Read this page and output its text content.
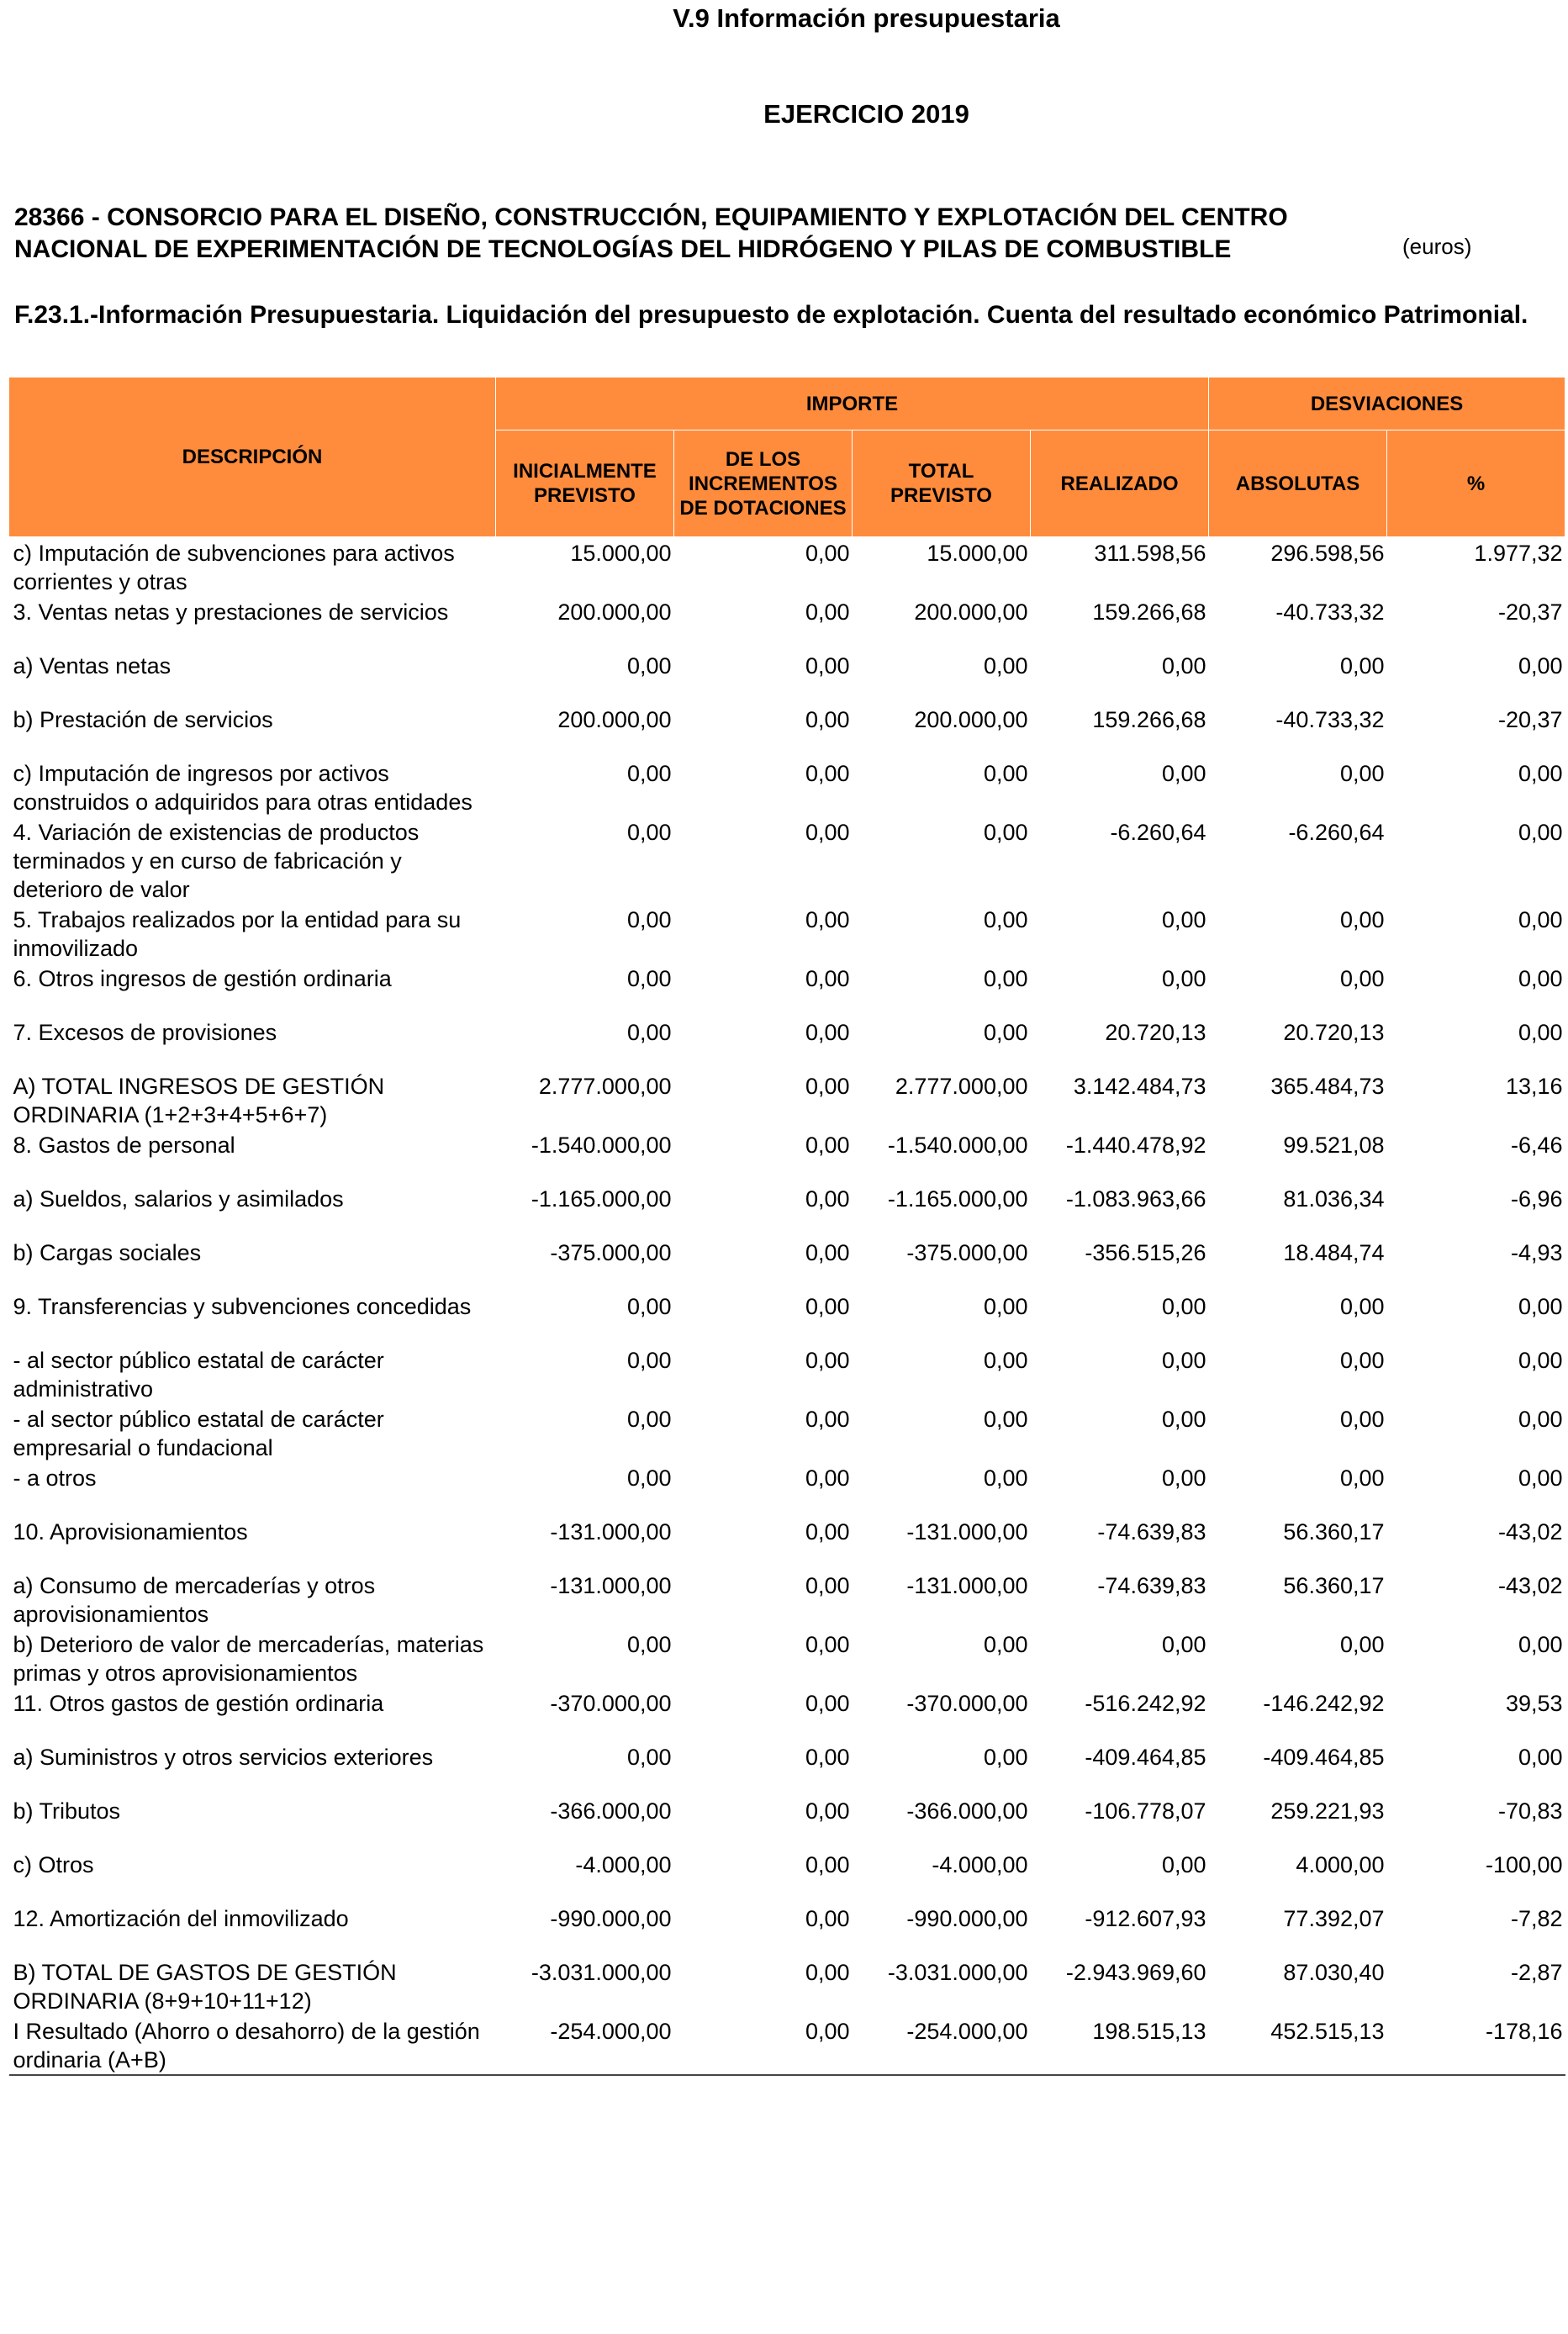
V.9 Información presupuestaria
EJERCICIO 2019
28366 - CONSORCIO PARA EL DISEÑO, CONSTRUCCIÓN, EQUIPAMIENTO Y EXPLOTACIÓN DEL CENTRO NACIONAL DE EXPERIMENTACIÓN DE TECNOLOGÍAS DEL HIDRÓGENO Y PILAS DE COMBUSTIBLE	(euros)
F.23.1.-Información Presupuestaria. Liquidación del presupuesto de explotación. Cuenta del resultado económico Patrimonial.
DESCRIPCIÓN	IMPORTE				DESVIACIONES	
	INICIALMENTE PREVISTO	DE LOS INCREMENTOS DE DOTACIONES	TOTAL PREVISTO	REALIZADO	ABSOLUTAS	%
c) Imputación de subvenciones para activos corrientes y otras	15.000,00	0,00	15.000,00	311.598,56	296.598,56	1.977,32
3. Ventas netas y prestaciones de servicios	200.000,00	0,00	200.000,00	159.266,68	-40.733,32	-20,37
a) Ventas netas	0,00	0,00	0,00	0,00	0,00	0,00
b) Prestación de servicios	200.000,00	0,00	200.000,00	159.266,68	-40.733,32	-20,37
c) Imputación de ingresos por activos construidos o adquiridos para otras entidades	0,00	0,00	0,00	0,00	0,00	0,00
4. Variación de existencias de productos terminados y en curso de fabricación y deterioro de valor	0,00	0,00	0,00	-6.260,64	-6.260,64	0,00
5. Trabajos realizados por la entidad para su inmovilizado	0,00	0,00	0,00	0,00	0,00	0,00
6. Otros ingresos de gestión ordinaria	0,00	0,00	0,00	0,00	0,00	0,00
7. Excesos de provisiones	0,00	0,00	0,00	20.720,13	20.720,13	0,00
A) TOTAL INGRESOS DE GESTIÓN ORDINARIA (1+2+3+4+5+6+7)	2.777.000,00	0,00	2.777.000,00	3.142.484,73	365.484,73	13,16
8. Gastos de personal	-1.540.000,00	0,00	-1.540.000,00	-1.440.478,92	99.521,08	-6,46
a) Sueldos, salarios y asimilados	-1.165.000,00	0,00	-1.165.000,00	-1.083.963,66	81.036,34	-6,96
b) Cargas sociales	-375.000,00	0,00	-375.000,00	-356.515,26	18.484,74	-4,93
9. Transferencias y subvenciones concedidas	0,00	0,00	0,00	0,00	0,00	0,00
- al sector público estatal de carácter administrativo	0,00	0,00	0,00	0,00	0,00	0,00
- al sector público estatal de carácter empresarial o fundacional	0,00	0,00	0,00	0,00	0,00	0,00
- a otros	0,00	0,00	0,00	0,00	0,00	0,00
10. Aprovisionamientos	-131.000,00	0,00	-131.000,00	-74.639,83	56.360,17	-43,02
a) Consumo de mercaderías y otros aprovisionamientos	-131.000,00	0,00	-131.000,00	-74.639,83	56.360,17	-43,02
b) Deterioro de valor de mercaderías, materias primas y otros aprovisionamientos	0,00	0,00	0,00	0,00	0,00	0,00
11. Otros gastos de gestión ordinaria	-370.000,00	0,00	-370.000,00	-516.242,92	-146.242,92	39,53
a) Suministros y otros servicios exteriores	0,00	0,00	0,00	-409.464,85	-409.464,85	0,00
b) Tributos	-366.000,00	0,00	-366.000,00	-106.778,07	259.221,93	-70,83
c) Otros	-4.000,00	0,00	-4.000,00	0,00	4.000,00	-100,00
12. Amortización del inmovilizado	-990.000,00	0,00	-990.000,00	-912.607,93	77.392,07	-7,82
B) TOTAL DE GASTOS DE GESTIÓN ORDINARIA (8+9+10+11+12)	-3.031.000,00	0,00	-3.031.000,00	-2.943.969,60	87.030,40	-2,87
I Resultado (Ahorro o desahorro) de la gestión ordinaria (A+B)	-254.000,00	0,00	-254.000,00	198.515,13	452.515,13	-178,16
